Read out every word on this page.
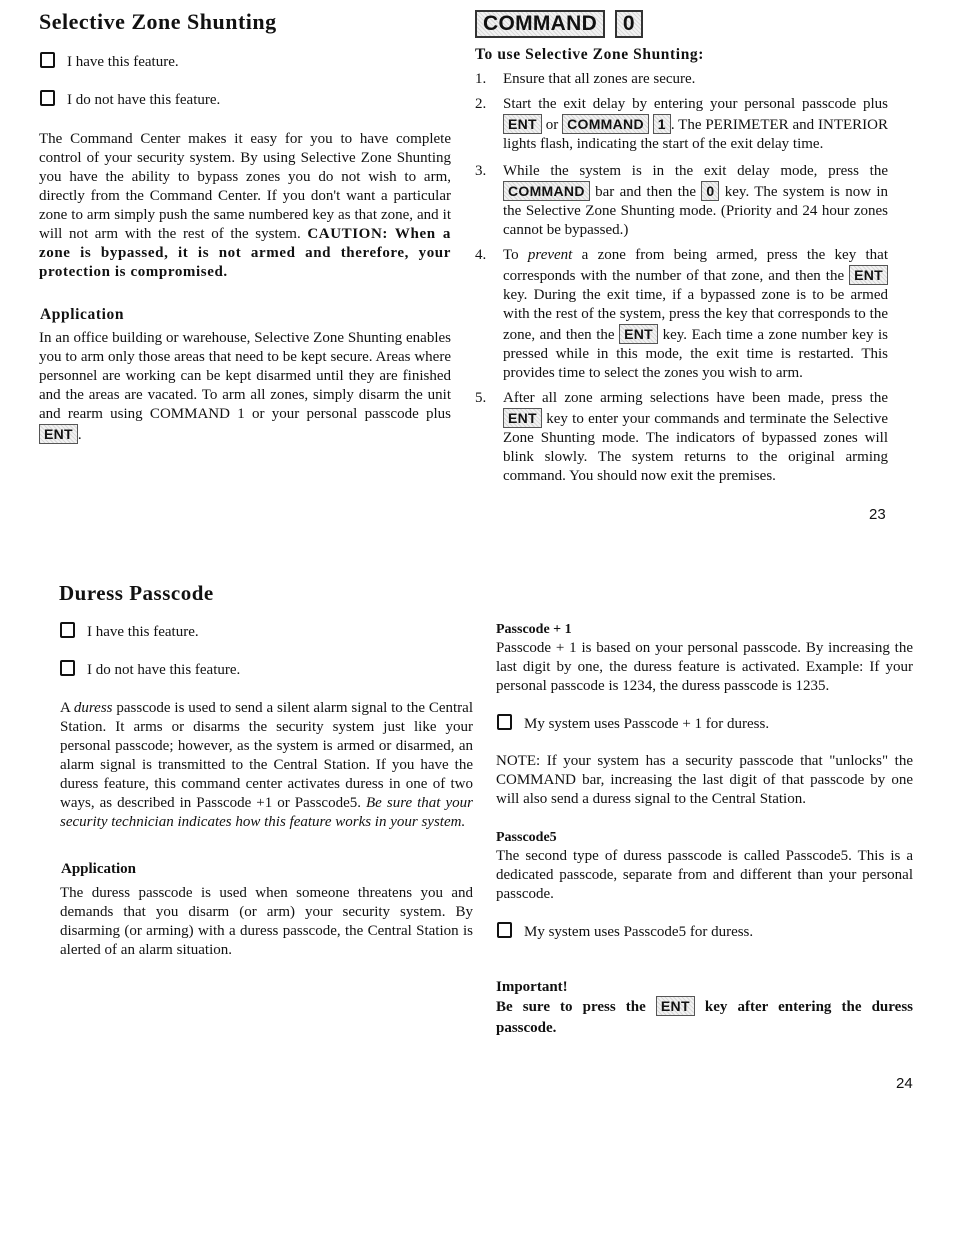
Selective Zone Shunting
I have this feature.
I do not have this feature.
The Command Center makes it easy for you to have complete control of your security system. By using Selective Zone Shunting you have the ability to bypass zones you do not wish to arm, directly from the Command Center. If you don't want a particular zone to arm simply push the same numbered key as that zone, and it will not arm with the rest of the system. CAUTION: When a zone is bypassed, it is not armed and therefore, your protection is compromised.
Application
In an office building or warehouse, Selective Zone Shunting enables you to arm only those areas that need to be kept secure. Areas where personnel are working can be kept disarmed until they are finished and the areas are vacated. To arm all zones, simply disarm the unit and rearm using COMMAND 1 or your personal passcode plus ENT .
COMMAND 0
To use Selective Zone Shunting:
1. Ensure that all zones are secure.
2. Start the exit delay by entering your personal passcode plus ENT or COMMAND 1 . The PERIMETER and INTERIOR lights flash, indicating the start of the exit delay time.
3. While the system is in the exit delay mode, press the COMMAND bar and then the 0 key. The system is now in the Selective Zone Shunting mode. (Priority and 24 hour zones cannot be bypassed.)
4. To prevent a zone from being armed, press the key that corresponds with the number of that zone, and then the ENT key. During the exit time, if a bypassed zone is to be armed with the rest of the system, press the key that corresponds to the zone, and then the ENT key. Each time a zone number key is pressed while in this mode, the exit time is restarted. This provides time to select the zones you wish to arm.
5. After all zone arming selections have been made, press the ENT key to enter your commands and terminate the Selective Zone Shunting mode. The indicators of bypassed zones will blink slowly. The system returns to the original arming command. You should now exit the premises.
23
Duress Passcode
I have this feature.
I do not have this feature.
A duress passcode is used to send a silent alarm signal to the Central Station. It arms or disarms the security system just like your personal passcode; however, as the system is armed or disarmed, an alarm signal is transmitted to the Central Station. If you have the duress feature, this command center activates duress in one of two ways, as described in Passcode +1 or Passcode5. Be sure that your security technician indicates how this feature works in your system.
Application
The duress passcode is used when someone threatens you and demands that you disarm (or arm) your security system. By disarming (or arming) with a duress passcode, the Central Station is alerted of an alarm situation.
Passcode + 1
Passcode + 1 is based on your personal passcode. By increasing the last digit by one, the duress feature is activated. Example: If your personal passcode is 1234, the duress passcode is 1235.
My system uses Passcode + 1 for duress.
NOTE: If your system has a security passcode that "unlocks" the COMMAND bar, increasing the last digit of that passcode by one will also send a duress signal to the Central Station.
Passcode5
The second type of duress passcode is called Passcode5. This is a dedicated passcode, separate from and different than your personal passcode.
My system uses Passcode5 for duress.
Important!
Be sure to press the ENT key after entering the duress passcode.
24
